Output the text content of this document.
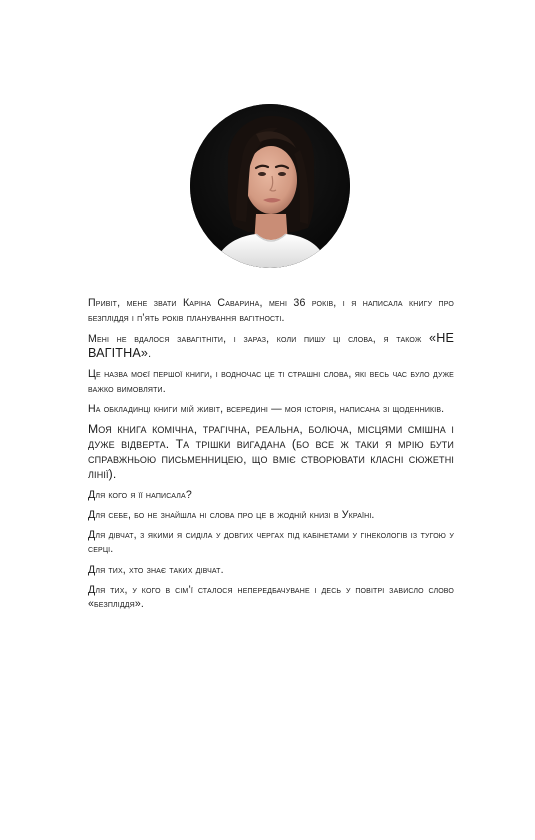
Привіт, мене звати Каріна Саварина, мені 36 років, і я написала книгу про безпліддя і п’ять років планування вагітності.

Мені не вдалося завагітніти, і зараз, коли пишу ці слова, я також «НЕ ВАГІТНА».

Це назва моєї першої книги, і водночас це ті страшні слова, які весь час було дуже важко вимовляти.

На обкладинці книги мій живіт, всередині — моя історія, написана зі щоденників.

Моя книга комічна, трагічна, реальна, болюча, місцями смішна і дуже відверта. Та трішки вигадана (бо все ж таки я мрію бути справжньою письменницею, що вміє створювати класні сюжетні лінії).

Для кого я її написала?

Для себе, бо не знайшла ні слова про це в жодній книзі в Україні.

Для дівчат, з якими я сиділа у довгих чергах під кабінетами у гінекологів із тугою у серці.

Для тих, хто знає таких дівчат.

Для тих, у кого в сім’ї сталося непередбачуване і десь у повітрі зависло слово «безпліддя».
